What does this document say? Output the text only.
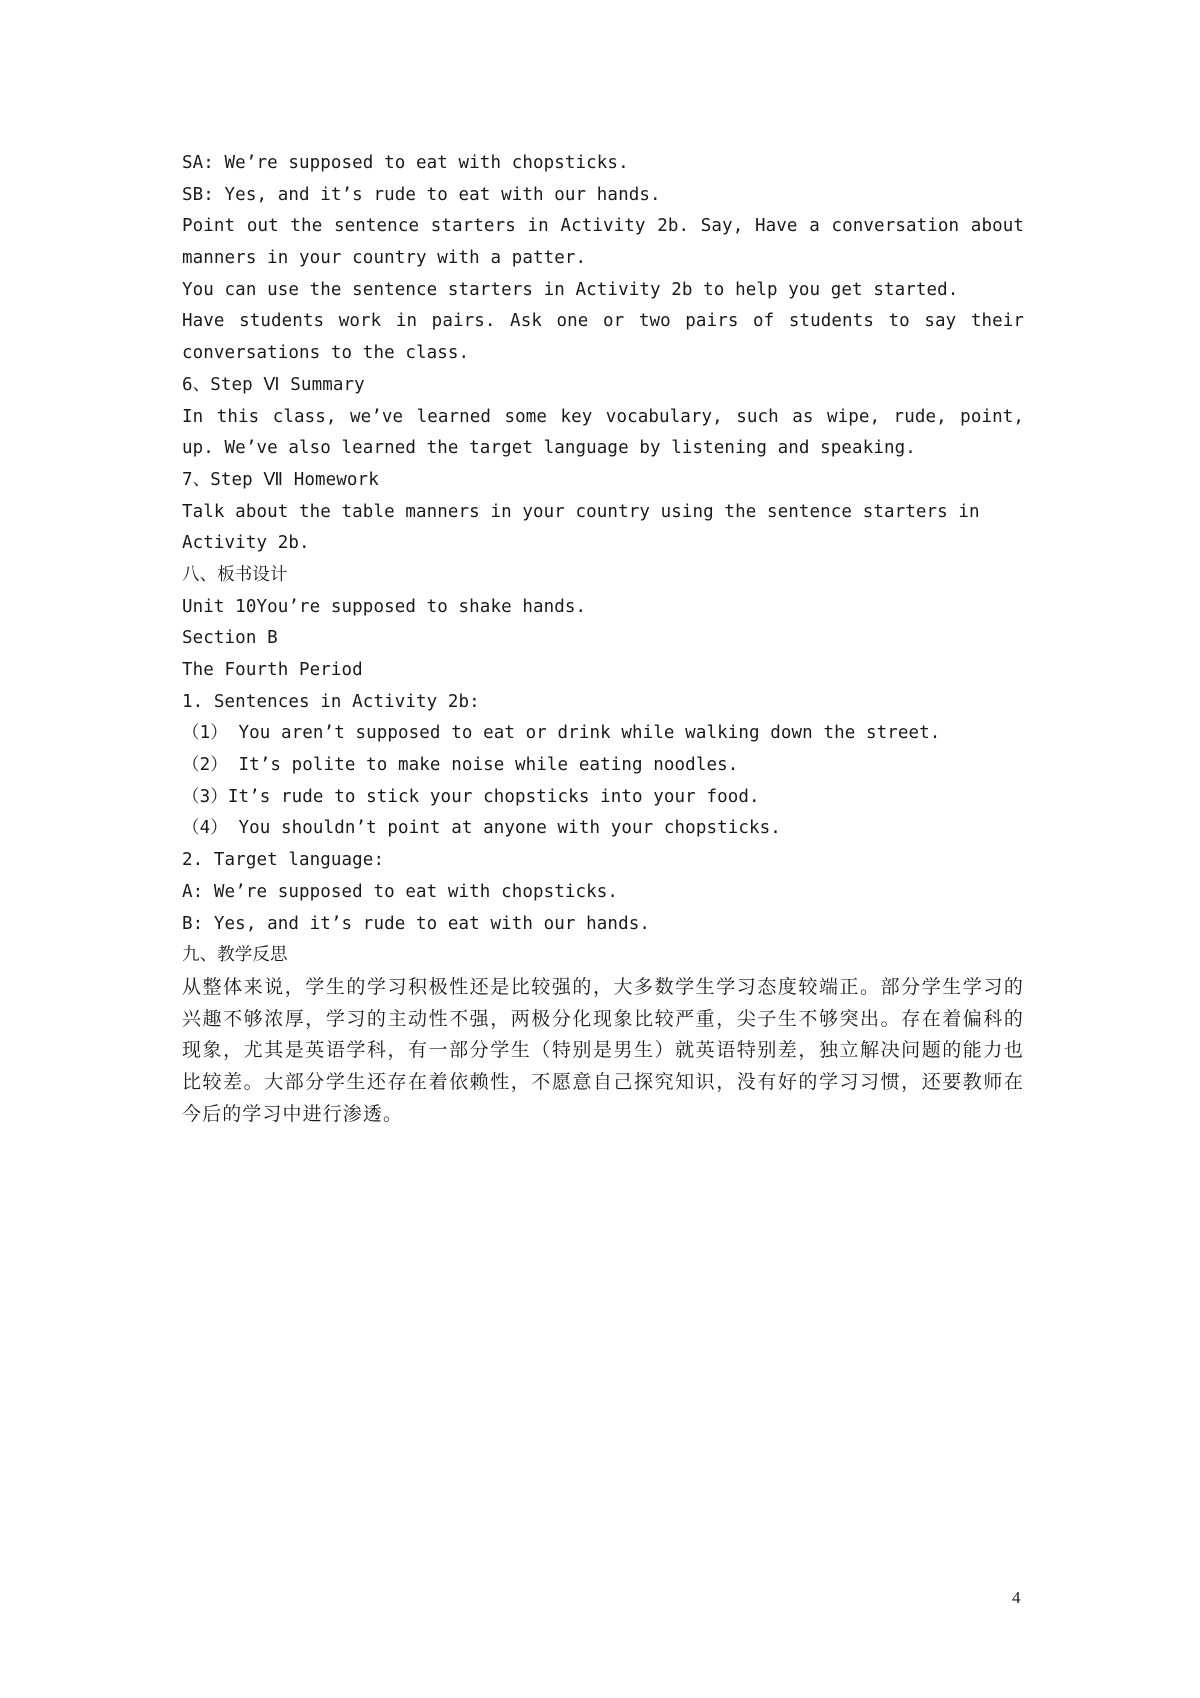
SA: We’re supposed to eat with chopsticks.
SB: Yes, and it’s rude to eat with our hands.
Point out the sentence starters in Activity 2b. Say, Have a conversation about
manners in your country with a patter.
You can use the sentence starters in Activity 2b to help you get started.
Have students work in pairs. Ask one or two pairs of students to say their
conversations to the class.
6、Step Ⅵ Summary
In this class, we’ve learned some key vocabulary, such as wipe, rude, point,
up. We’ve also learned the target language by listening and speaking.
7、Step Ⅶ Homework
Talk about the table manners in your country using the sentence starters in
Activity 2b.
八、板书设计
Unit 10You’re supposed to shake hands.
Section B
The Fourth Period
1. Sentences in Activity 2b:
（1） You aren’t supposed to eat or drink while walking down the street.
（2） It’s polite to make noise while eating noodles.
（3）It’s rude to stick your chopsticks into your food.
（4） You shouldn’t point at anyone with your chopsticks.
2. Target language:
A: We’re supposed to eat with chopsticks.
B: Yes, and it’s rude to eat with our hands.
九、教学反思
从整体来说，学生的学习积极性还是比较强的，大多数学生学习态度较端正。部分学生学习的兴趣不够浓厚，学习的主动性不强，两极分化现象比较严重，尖子生不够突出。存在着偏科的现象，尤其是英语学科，有一部分学生（特别是男生）就英语特别差，独立解决问题的能力也比较差。大部分学生还存在着依赖性，不愿意自己探究知识，没有好的学习习惯，还要教师在今后的学习中进行渗透。
4
